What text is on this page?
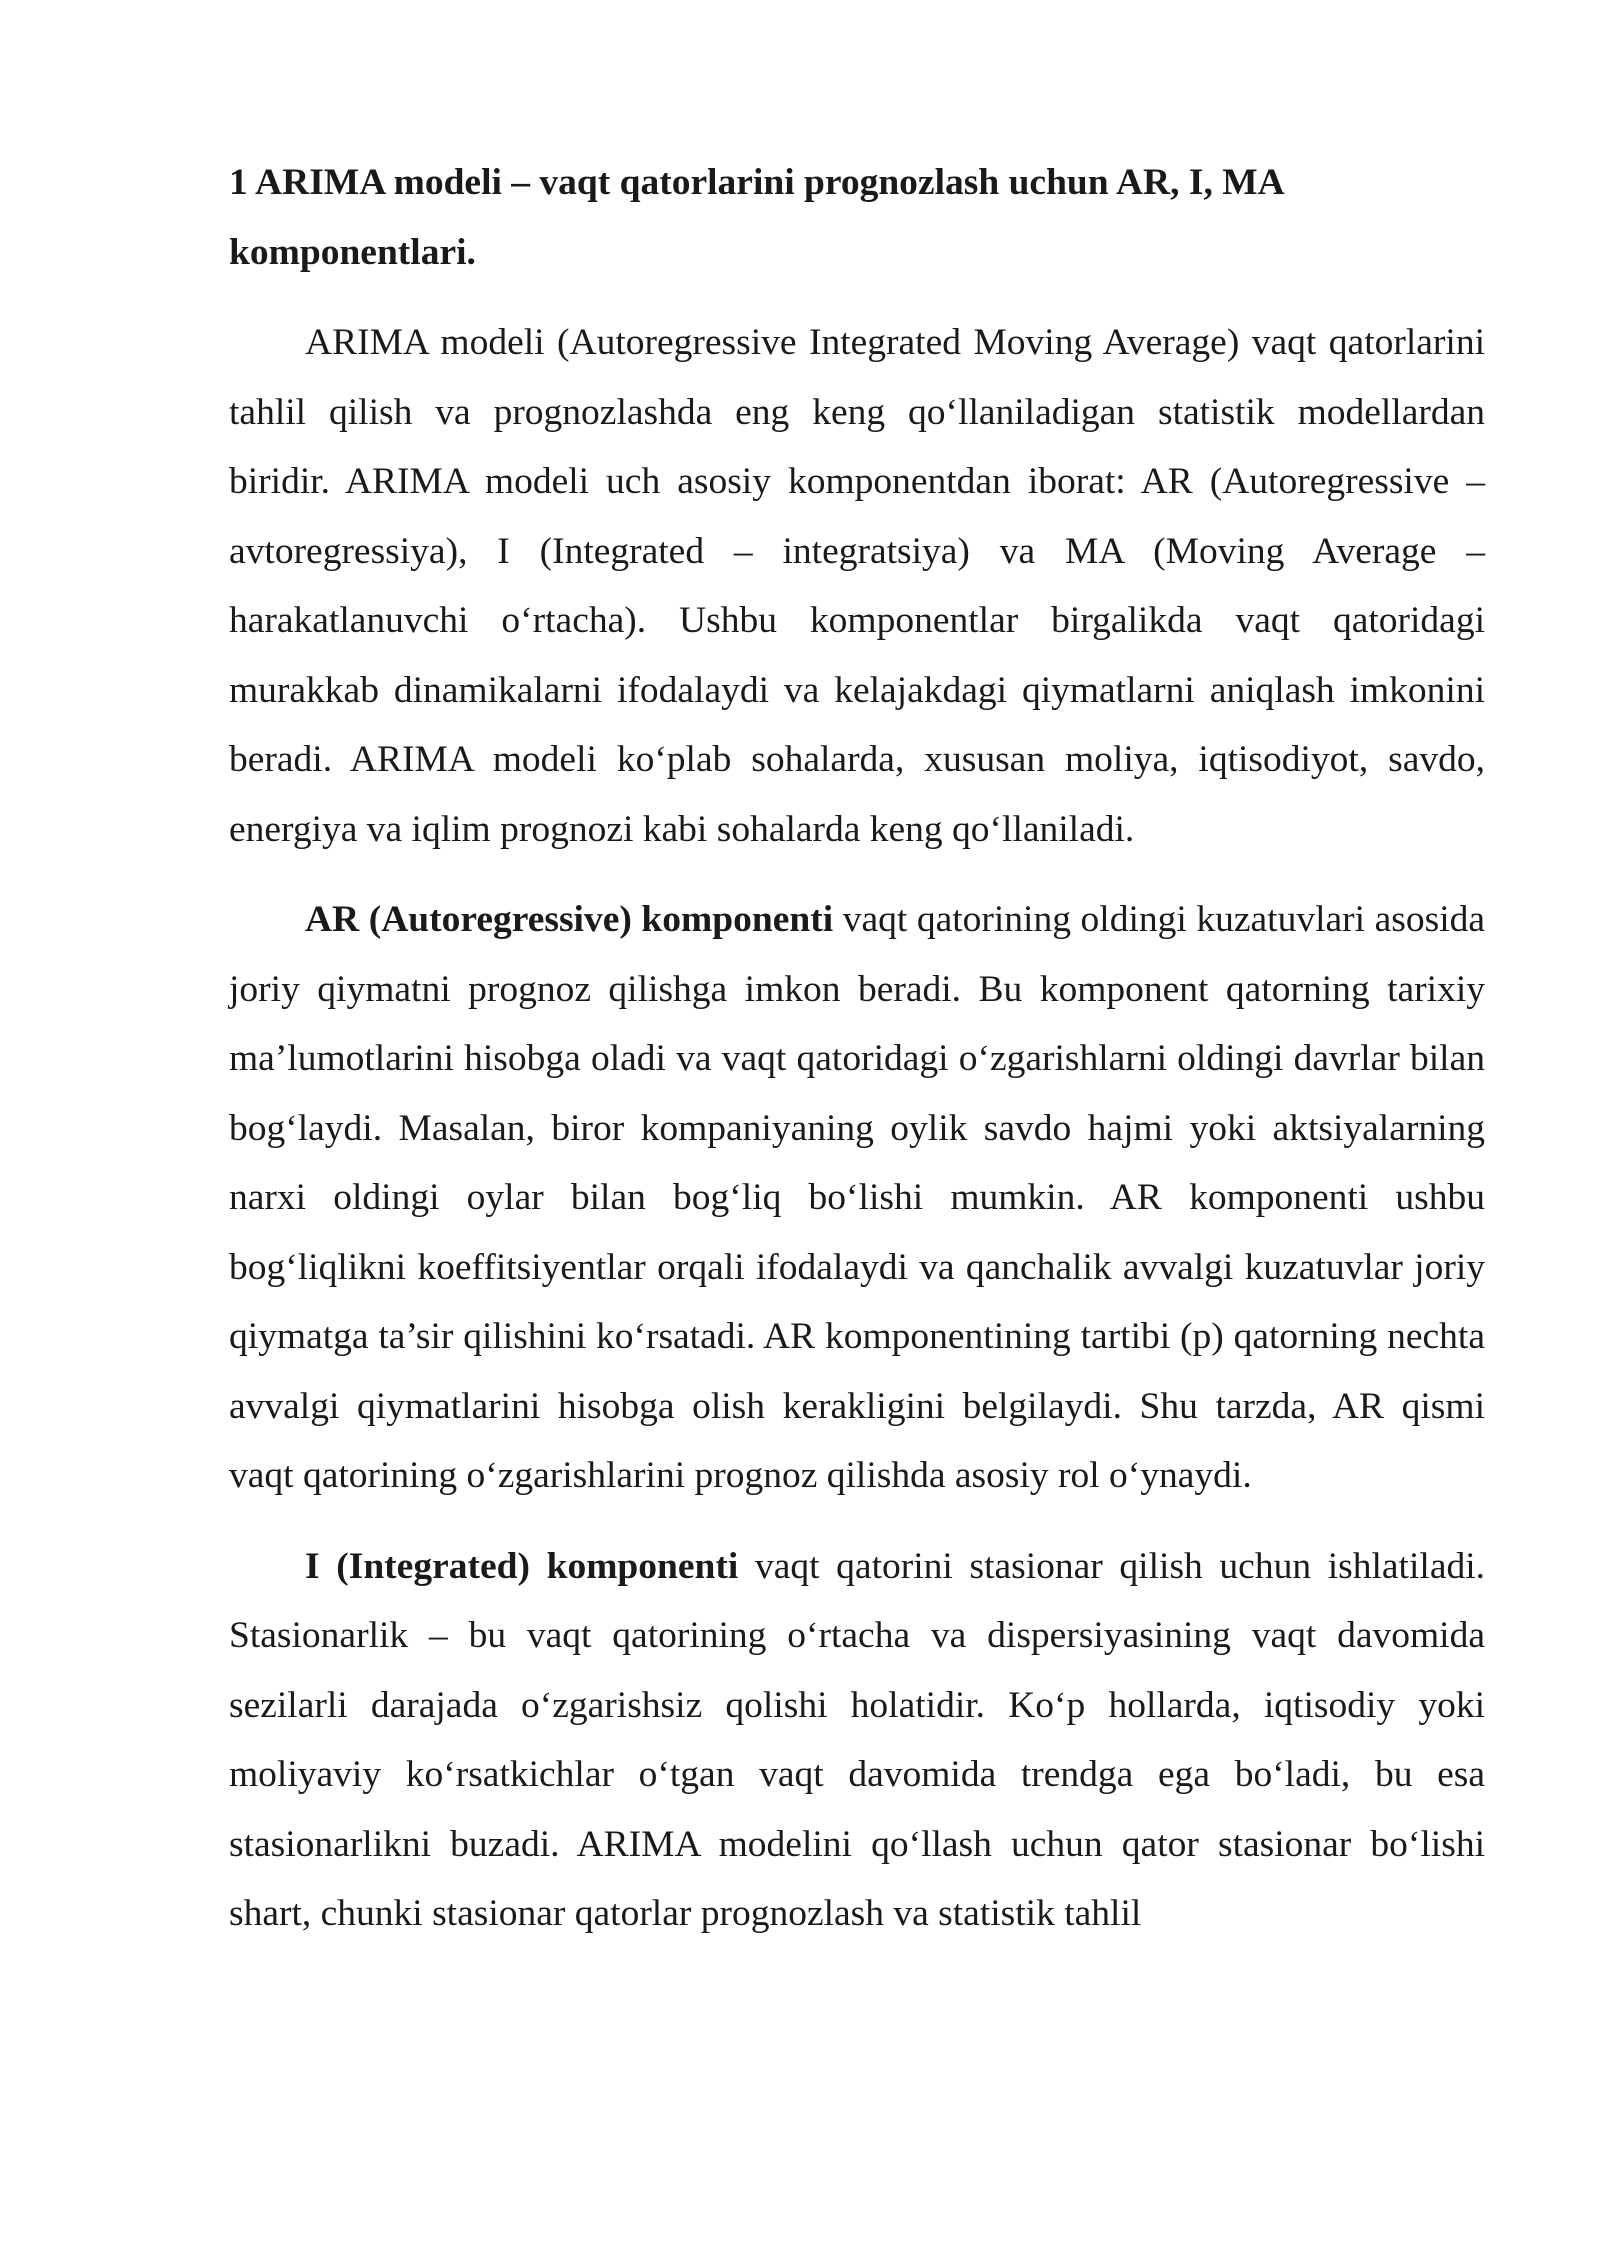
1 ARIMA modeli – vaqt qatorlarini prognozlash uchun AR, I, MA komponentlari.

ARIMA modeli (Autoregressive Integrated Moving Average) vaqt qatorlarini tahlil qilish va prognozlashda eng keng qoʻllaniladigan statistik modellardan biridir. ARIMA modeli uch asosiy komponentdan iborat: AR (Autoregressive – avtoregressiya), I (Integrated – integratsiya) va MA (Moving Average – harakatlanuvchi oʻrtacha). Ushbu komponentlar birgalikda vaqt qatoridagi murakkab dinamikalarni ifodalaydi va kelajakdagi qiymatlarni aniqlash imkonini beradi. ARIMA modeli koʻplab sohalarda, xususan moliya, iqtisodiyot, savdo, energiya va iqlim prognozi kabi sohalarda keng qoʻllaniladi.

AR (Autoregressive) komponenti vaqt qatorining oldingi kuzatuvlari asosida joriy qiymatni prognoz qilishga imkon beradi. Bu komponent qatorning tarixiy ma’lumotlarini hisobga oladi va vaqt qatoridagi oʻzgarishlarni oldingi davrlar bilan bogʻlaydi. Masalan, biror kompaniyaning oylik savdo hajmi yoki aktsiyalarning narxi oldingi oylar bilan bogʻliq boʻlishi mumkin. AR komponenti ushbu bogʻliqlikni koeffitsiyentlar orqali ifodalaydi va qanchalik avvalgi kuzatuvlar joriy qiymatga ta’sir qilishini koʻrsatadi. AR komponentining tartibi (p) qatorning nechta avvalgi qiymatlarini hisobga olish kerakligini belgilaydi. Shu tarzda, AR qismi vaqt qatorining oʻzgarishlarini prognoz qilishda asosiy rol oʻynaydi.

I (Integrated) komponenti vaqt qatorini stasionar qilish uchun ishlatiladi. Stasionarlik – bu vaqt qatorining oʻrtacha va dispersiyasining vaqt davomida sezilarli darajada oʻzgarishsiz qolishi holatidir. Koʻp hollarda, iqtisodiy yoki moliyaviy koʻrsatkichlar oʻtgan vaqt davomida trendga ega boʻladi, bu esa stasionarlikni buzadi. ARIMA modelini qoʻllash uchun qator stasionar boʻlishi shart, chunki stasionar qatorlar prognozlash va statistik tahlil
